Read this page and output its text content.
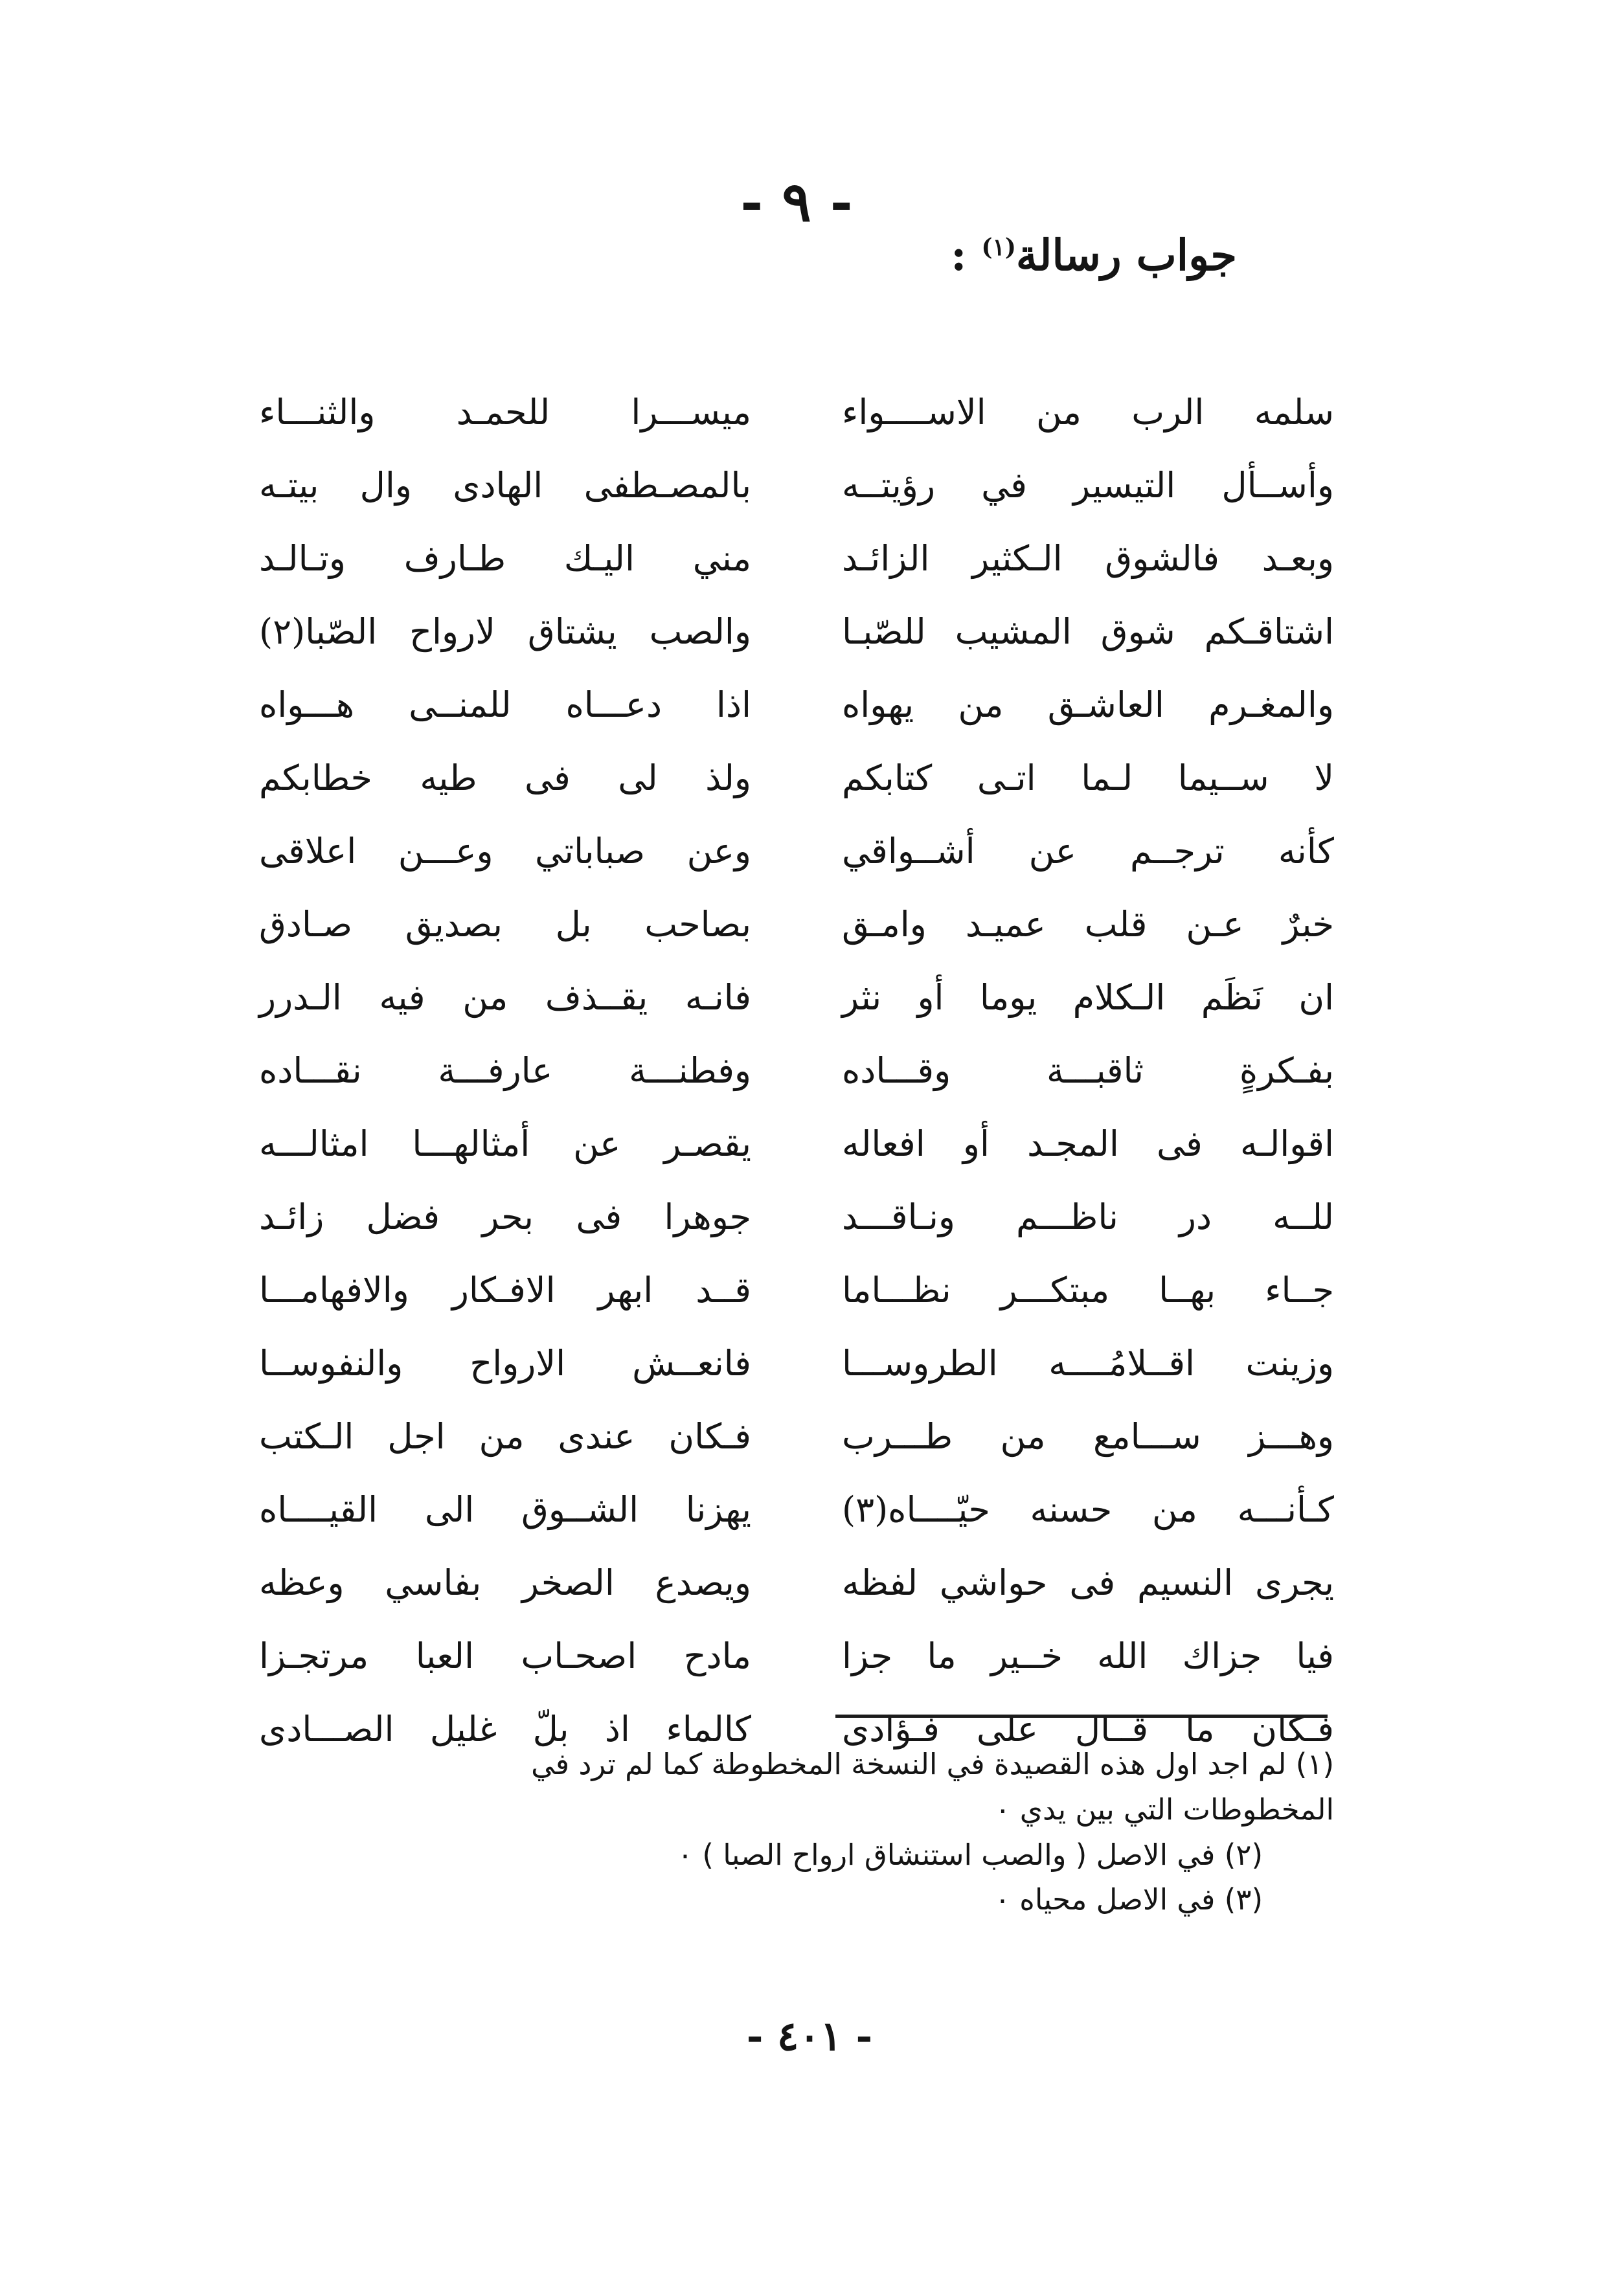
- ٩ -
جواب رسالة$^{(١)}$ :
سلمه الرب من الاســــواء
ميســـرا للحمـد والثنـــاء
وأســأل التيسير في رؤيتــه
بالمصـطفى الهادى وال بيتـه
وبعـد فالشوق الـكثير الزائـد
مني اليـك طـارف وتـالـد
اشتاقـكم شوق المشيب للصّبـا
والصب يشتاق لارواح الصّبا(٢)
والمغـرم العاشـق من يهواه
اذا دعـــاه للمنــى هـــواه
لا ســيما لـما اتـى كتابكم
ولذ لى فى طيه خطابكم
كأنه ترجــم عن أشــواقي
وعن صباباتي وعـــن اعلاقى
خبرٌ عـن قلب عميـد وامـق
بصاحب بل بصديق صـادق
ان نَظَم الـكلام يوما أو نثر
فانـه يقــذف من فيه الـدرر
بفـكرةٍ ثاقبـــة وقـــاده
وفطنـــة عارفـــة نقـــاده
اقوالـه فى المجـد أو افعاله
يقصـر عن أمثالهـــا امثالـــه
للــه در ناظـــم ونـاقـــد
جوهرا فى بحر فضل زائـد
جــاء بهــا مبتكـــر نظـــاما
قــد ابهر الافـكار والافهامـــا
وزينت اقــلامُــــه الطروســـا
فانعــش الارواح والنفوســا
وهـــز ســـامع من طـــرب
فـكان عندى من اجل الـكتب
كـأنـــه من حسنه حيّــــاه(٣)
يهزنا الشــوق الى القيــــاه
يجرى النسيم فى حواشي لفظه
ويصدع الصخر بفاسي وعظه
فيا جزاك الله خــير ما جزا
مادح اصحـاب العبا مرتجـزا
فـكان ما قــال على فـؤادى
كالماء اذ بلّ غليل الصـــادى

(١) لم اجد اول هذه القصيدة في النسخة المخطوطة كما لم ترد في

المخطوطات التي بين يدي ٠

(٢) في الاصل ( والصب استنشاق ارواح الصبا ) ٠

(٣) في الاصل محياه ٠

- ٤٠١ -
